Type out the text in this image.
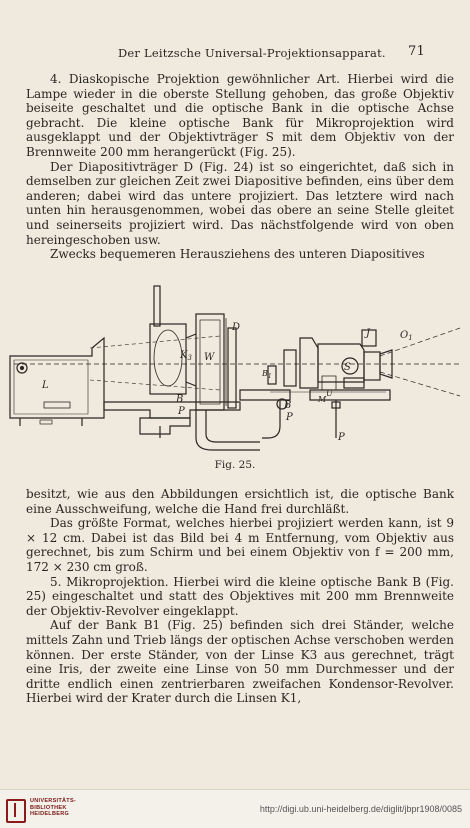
Der Leitzsche Universal-Projektionsapparat. 71

4. Diaskopische Projektion gewöhnlicher Art. Hierbei wird die Lampe wieder in die oberste Stellung gehoben, das große Objektiv beiseite geschaltet und die optische Bank in die optische Achse gebracht. Die kleine optische Bank für Mikroprojektion wird ausgeklappt und der Objektivträger S mit dem Objektiv von der Brennweite 200 mm herangerückt (Fig. 25).

Der Diapositivträger D (Fig. 24) ist so eingerichtet, daß sich in demselben zur gleichen Zeit zwei Diapositive befinden, eins über dem anderen; dabei wird das untere projiziert. Das letztere wird nach unten hin herausgenommen, wobei das obere an seine Stelle gleitet und seinerseits projiziert wird. Das nächstfolgende wird von oben hereingeschoben usw.

Zwecks bequemeren Herausziehens des unteren Diapositives

L
$K_3$ W
D
B
P
$B_1$
B
P
S
J	$O_1$
M
U
P
Fig. 25.

besitzt, wie aus den Abbildungen ersichtlich ist, die optische Bank eine Ausschweifung, welche die Hand frei durchläßt.

Das größte Format, welches hierbei projiziert werden kann, ist 9 × 12 cm. Dabei ist das Bild bei 4 m Entfernung, vom Objektiv aus gerechnet, bis zum Schirm und bei einem Objektiv von f = 200 mm, 172 × 230 cm groß.

5. Mikroprojektion. Hierbei wird die kleine optische Bank B (Fig. 25) eingeschaltet und statt des Objektives mit 200 mm Brennweite der Objektiv-Revolver eingeklappt.

Auf der Bank B1 (Fig. 25) befinden sich drei Ständer, welche mittels Zahn und Trieb längs der optischen Achse verschoben werden können. Der erste Ständer, von der Linse K3 aus gerechnet, trägt eine Iris, der zweite eine Linse von 50 mm Durchmesser und der dritte endlich einen zentrierbaren zweifachen Kondensor-Revolver. Hierbei wird der Krater durch die Linsen K1,

UNIVERSITÄTS-
BIBLIOTHEK
HEIDELBERG	http://digi.ub.uni-heidelberg.de/diglit/jbpr1908/0085
